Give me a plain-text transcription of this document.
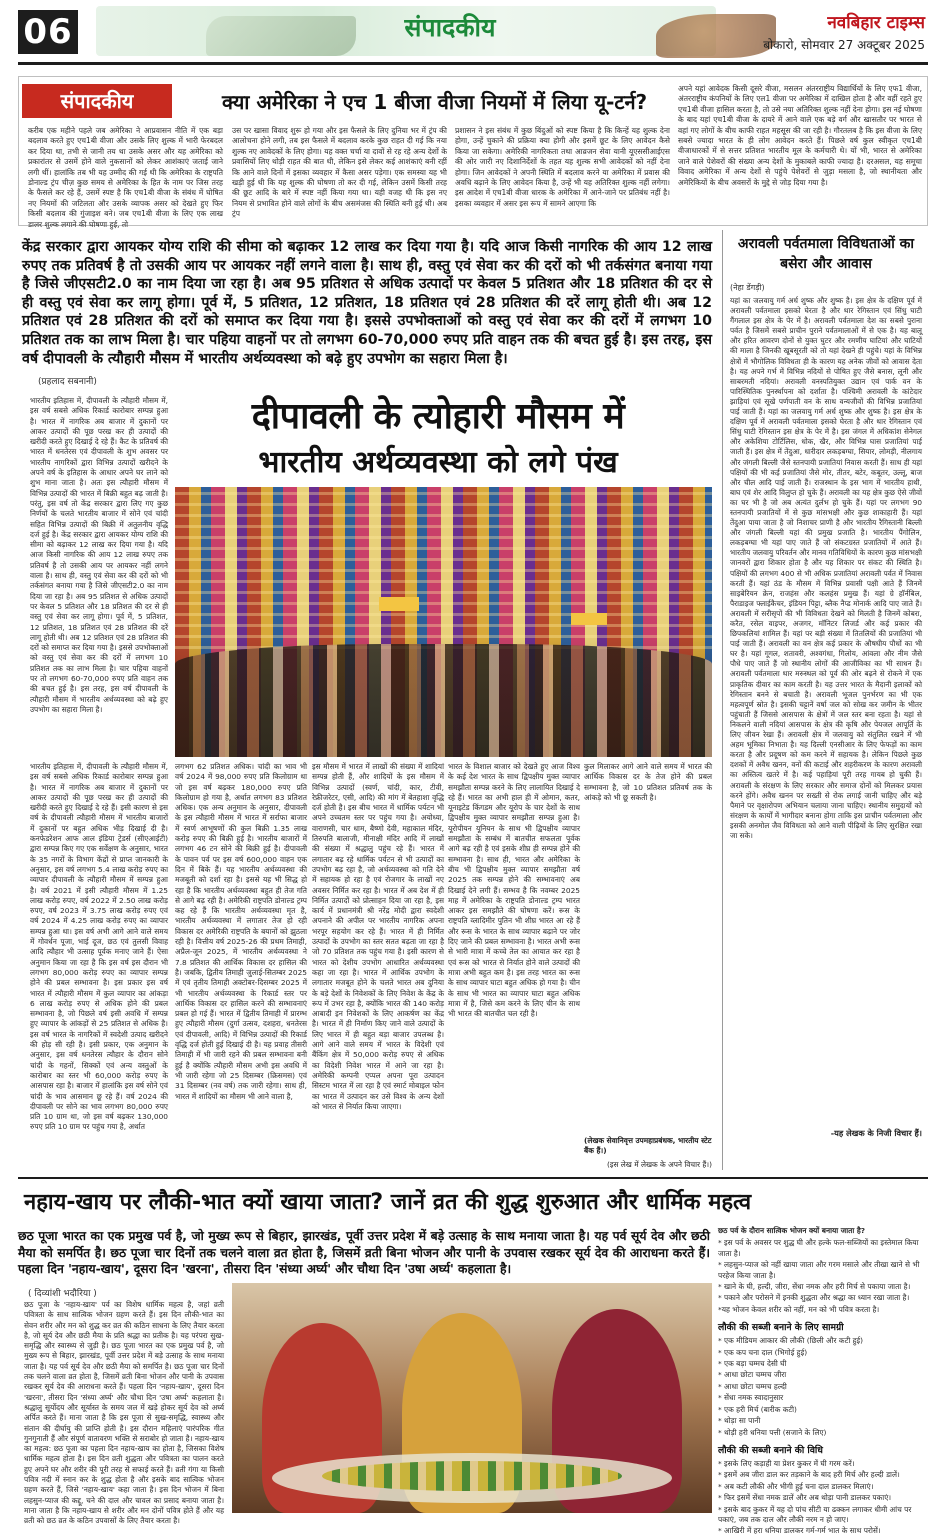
06	संपादकीय	नवबिहार टाइम्स
बोकारो, सोमवार 27 अक्टूबर 2025
संपादकीय	क्या अमेरिका ने एच 1 बीजा वीजा नियमों में लिया यू-टर्न?
करीब एक महीने पहले जब अमेरिका ने आप्रवासन नीति में एक बड़ा बदलाव करते हुए एच1बी वीजा और उसके लिए शुल्क में भारी फेरबदल कर दिया था, तभी से जानी तय था उसके असर और यह अमेरिका को प्रकारांतर से उसमें होने वाले नुकसानों को लेकर आशंकाएं जताई जाने लगी थीं। हालांकि तब भी यह उम्मीद की गई थी कि अमेरिका के राष्ट्रपति डोनाल्ड ट्रंप चीज़ कुछ समय से अमेरिका के हित के नाम पर जिस तरह के फैसले कर रहे हैं, उसमें स्पष्ट है कि एच1बी वीजा के संबंध में घोषित नए नियमों की जटिलता और उसके व्यापक असर को देखते हुए फिर किसी बदलाव की गुंजाइश बने। जब एच1बी वीजा के लिए एक लाख डालर शुल्क लगाने की घोषणा हुई, तो
उस पर खासा विवाद शुरू हो गया और इस फैसले के लिए दुनिया भर में ट्रंप की आलोचना होने लगी, तब इस फैसले में बदलाव करके कुछ राहत दी गई कि नया शुल्क नए आवेदकों के लिए होगा। यह वक्त चर्चा या दावों से रह रहे अन्य देशों के प्रवासियों लिए थोड़ी राहत की बात थी, लेकिन इसे लेकर कई आशंकाएं बनी रहीं कि आने वाले दिनों में इसका व्यवहार में कैसा असर पड़ेगा। एक समस्या यह भी खड़ी हुई थी कि यह शुल्क की घोषणा तो कर दी गई, लेकिन उसमें किसी तरह की छूट आदि के बारे में स्पष्ट नहीं किया गया था। यही वजह थी कि इस नए नियम से प्रभावित होने वाले लोगों के बीच असमंजस की स्थिति बनी हुई थी। अब ट्रंप
प्रशासन ने इस संबंध में कुछ बिंदुओं को स्पष्ट किया है कि किन्हें यह शुल्क देना होगा, उन्हें चुकाने की प्रक्रिया क्या होगी और इसमें छूट के लिए आवेदन कैसे किया जा सकेगा। अमेरिकी नागरिकता तथा आव्रजन सेवा यानी यूएससीआईएस की ओर जारी नए दिशानिर्देशों के तहत यह शुल्क सभी आवेदकों को नहीं देना होगा। जिन आवेदकों ने अपनी स्थिति में बदलाव करने या अमेरिका में प्रवास की अवधि बढ़ाने के लिए आवेदन किया है, उन्हें भी यह अतिरिक्त शुल्क नहीं लगेगा। इस आदेश में एच1बी वीजा धारक के अमेरिका में आने-जाने पर प्रतिबंध नहीं है। इसका व्यवहार में असर इस रूप में सामने आएगा कि
अपने यहां आवेदक किसी दूसरे वीजा, मसलन अंतरराष्ट्रीय विद्यार्थियों के लिए एफ1 वीजा, अंतरराष्ट्रीय कंपनियों के लिए एल1 वीजा पर अमेरिका में दाखिल होता है और वहीं रहते हुए एच1बी वीजा हासिल करता है, तो उसे नया अतिरिक्त शुल्क नहीं देना होगा। इस नई घोषणा के बाद यहां एच1बी वीजा के दायरे में आने वाले एक बड़े वर्ग और खासतौर पर भारत से वहां गए लोगों के बीच काफी राहत महसूस की जा रही है। गौरतलब है कि इस वीजा के लिए सबसे ज्यादा भारत के ही लोग आवेदन करते हैं। पिछले वर्ष कुल स्वीकृत एच1बी वीजाधारकों में से सत्तर प्रतिशत भारतीय मूल के कर्मचारी थे। यों भी, भारत से अमेरिका जाने वाले पेशेवरों की संख्या अन्य देशों के मुकाबले काफी ज्यादा है। दरअसल, यह समूचा विवाद अमेरिका में अन्य देशों से पहुंचे पेशेवरों से जुड़ा मसला है, जो स्थानीयता और अमेरिकियों के बीच अवसरों के मुद्दे से जोड़ दिया गया है।
केंद्र सरकार द्वारा आयकर योग्य राशि की सीमा को बढ़ाकर 12 लाख कर दिया गया है। यदि आज किसी नागरिक की आय 12 लाख रुपए तक प्रतिवर्ष है तो उसकी आय पर आयकर नहीं लगने वाला है। साथ ही, वस्तु एवं सेवा कर की दरों को भी तर्कसंगत बनाया गया है जिसे जीएसटी2.0 का नाम दिया जा रहा है। अब 95 प्रतिशत से अधिक उत्पादों पर केवल 5 प्रतिशत और 18 प्रतिशत की दर से ही वस्तु एवं सेवा कर लागू होगा। पूर्व में, 5 प्रतिशत, 12 प्रतिशत, 18 प्रतिशत एवं 28 प्रतिशत की दरें लागू होती थी। अब 12 प्रतिशत एवं 28 प्रतिशत की दरों को समाप्त कर दिया गया है। इससे उपभोक्ताओं को वस्तु एवं सेवा कर की दरों में लगभग 10 प्रतिशत तक का लाभ मिला है। चार पहिया वाहनों पर तो लगभग 60-70,000 रुपए प्रति वाहन तक की बचत हुई है। इस तरह, इस वर्ष दीपावली के त्यौहारी मौसम में भारतीय अर्थव्यवस्था को बढ़े हुए उपभोग का सहारा मिला है।
(प्रहलाद सबनानी)
दीपावली के त्योहारी मौसम में
भारतीय अर्थव्यवस्था को लगे पंख
भारतीय इतिहास में, दीपावली के त्यौहारी मौसम में, इस वर्ष सबसे अधिक रिकार्ड कारोबार सम्पन्न हुआ है। भारत में नागरिक अब बाजार में दुकानों पर आकर उत्पादों की पूछ परख कर ही उत्पादों की खरीदी करते हुए दिखाई दे रहे हैं। कैट के प्रतिवर्ष की भारत में धनतेरस एवं दीपावली के शुभ अवसर पर भारतीय नागरिकों द्वारा विभिन्न उत्पादों खरीदने के अपने वर्ष के इतिहास के आधार अपने घर लाने को शुभ माना जाता है। अतः इस त्यौहारी मौसम में विभिन्न उत्पादों की भारत में बिक्री बहुत बढ़ जाती है। परंतु, इस वर्ष तो केंद्र सरकार द्वारा लिए गए कुछ निर्णयों के चलते भारतीय बाजार में सोने एवं चांदी सहित विभिन्न उत्पादों की बिक्री में अतुलनीय वृद्धि दर्ज हुई है। केंद्र सरकार द्वारा आयकर योग्य राशि की सीमा को बढ़ाकर 12 लाख कर दिया गया है। यदि आज किसी नागरिक की आय 12 लाख रुपए तक प्रतिवर्ष है तो उसकी आय पर आयकर नहीं लगने वाला है। साथ ही, वस्तु एवं सेवा कर की दरों को भी तर्कसंगत बनाया गया है जिसे जीएसटी2.0 का नाम दिया जा रहा है। अब 95 प्रतिशत से अधिक उत्पादों पर केवल 5 प्रतिशत और 18 प्रतिशत की दर से ही वस्तु एवं सेवा कर लागू होगा। पूर्व में, 5 प्रतिशत, 12 प्रतिशत, 18 प्रतिशत एवं 28 प्रतिशत की दरें लागू होती थी। अब 12 प्रतिशत एवं 28 प्रतिशत की दरों को समाप्त कर दिया गया है। इससे उपभोक्ताओं को वस्तु एवं सेवा कर की दरों में लगभग 10 प्रतिशत तक का लाभ मिला है। चार पहिया वाहनों पर तो लगभग 60-70,000 रुपए प्रति वाहन तक की बचत हुई है। इस तरह, इस वर्ष दीपावली के त्यौहारी मौसम में भारतीय अर्थव्यवस्था को बढ़े हुए उपभोग का सहारा मिला है।
भारतीय इतिहास में, दीपावली के त्यौहारी मौसम में, इस वर्ष सबसे अधिक रिकार्ड कारोबार सम्पन्न हुआ है। भारत में नागरिक अब बाजार में दुकानों पर आकर उत्पादों की पूछ परख कर ही उत्पादों की खरीदी करते हुए दिखाई दे रहे हैं। इसी कारण से इस वर्ष के दीपावली त्यौहारी मौसम में भारतीय बाजारों में दुकानों पर बहुत अधिक भीड़ दिखाई दी है। कनफेडरेशन आफ आल इंडिया ट्रेडर्स (सीएआईटी) द्वारा सम्पन्न किए गए एक सर्वेक्षण के अनुसार, भारत के 35 नगरों के विभाग केंद्रों से प्राप्त जानकारी के अनुसार, इस वर्ष लगभग 5.4 लाख करोड़ रुपए का व्यापार दीपावली के त्यौहारी मौसम में सम्पन्न हुआ है। वर्ष 2021 में इसी त्यौहारी मौसम में 1.25 लाख करोड़ रुपए, वर्ष 2022 में 2.50 लाख करोड़ रुपए, वर्ष 2023 में 3.75 लाख करोड़ रुपए एवं वर्ष 2024 में 4.25 लाख करोड़ रुपए का व्यापार सम्पन्न हुआ था। इस वर्ष अभी आगे आने वाले समय में गोवर्धन पूजा, भाई दूज, छठ एवं तुलसी विवाह आदि त्यौहार भी उत्साह पूर्वक मनाए जाने हैं। ऐसा अनुमान किया जा रहा है कि इस वर्ष इस दौरान भी लगभग 80,000 करोड़ रुपए का व्यापार सम्पन्न होने की प्रबल सम्भावना है। इस प्रकार इस वर्ष भारत में त्यौहारी मौसम में कुल व्यापार का आंकड़ा 6 लाख करोड़ रुपए से अधिक होने की प्रबल सम्भावना है, जो पिछले वर्ष इसी अवधि में सम्पन्न हुए व्यापार के आंकड़ों से 25 प्रतिशत से अधिक है। इस वर्ष भारत के नागरिकों में स्वदेशी उत्पाद खरीदने की होड़ सी रही है। इसी प्रकार, एक अनुमान के अनुसार, इस वर्ष धनतेरस त्यौहार के दौरान सोने चांदी के गहनों, सिक्कों एवं अन्य वस्तुओं के कारोबार का स्तर भी 60,000 करोड़ रुपए के आसपास रहा है। बाजार में हालांकि इस वर्ष सोने एवं चांदी के भाव आसमान छू रहे हैं। वर्ष 2024 की दीपावली पर सोने का भाव लगभग 80,000 रुपए प्रति 10 ग्राम था, जो इस वर्ष बढ़कर 130,000 रुपए प्रति 10 ग्राम पर पहुंच गया है, अर्थात
लगभग 62 प्रतिशत अधिक। चांदी का भाव भी वर्ष 2024 में 98,000 रुपए प्रति किलोग्राम था जो इस वर्ष बढ़कर 180,000 रुपए प्रति किलोग्राम हो गया है, अर्थात लगभग 83 प्रतिशत अधिक। एक अन्य अनुमान के अनुसार, दीपावली के इस त्यौहारी मौसम में भारत में सर्राफा बाजार में स्वर्ण आभूषणों की कुल बिक्री 1.35 लाख करोड़ रुपए की बिक्री हुई है। भारतीय बाजारों में लगभग 46 टन सोने की बिक्री हुई है। दीपावली के पावन पर्व पर इस वर्ष 600,000 वाहन एक दिन में बिके हैं। यह भारतीय अर्थव्यवस्था की मजबूती को दर्शा रहा है। इससे यह भी सिद्ध हो रहा है कि भारतीय अर्थव्यवस्था बहुत ही तेज गति से आगे बढ़ रही है। अमेरिकी राष्ट्रपति डोनाल्ड ट्रम्प कह रहे हैं कि भारतीय अर्थव्यवस्था मृत है, भारतीय अर्थव्यवस्था में लगातार तेज हो रही विकास दर अमेरिकी राष्ट्रपति के बयानों को झुठला रही है। वित्तीय वर्ष 2025-26 की प्रथम तिमाही, अप्रैल-जून 2025, में भारतीय अर्थव्यवस्था ने 7.8 प्रतिशत की आर्थिक विकास दर हासिल की है। जबकि, द्वितीय तिमाही जुलाई-सितम्बर 2025 में एवं तृतीय तिमाही अक्टोबर-दिसम्बर 2025 में भी भारतीय अर्थव्यवस्था के रिकार्ड स्तर पर आर्थिक विकास दर हासिल करने की सम्भावनाएं प्रबल हो गई हैं। भारत में द्वितीय तिमाही में प्रारम्भ हुए त्यौहारी मौसम (दुर्गा उत्सव, दशहरा, धनतेरस एवं दीपावली, आदि) में विभिन्न उत्पादों की रिकार्ड वृद्धि दर्ज होती हुई दिखाई दी है। यह प्रवाह तीसरी तिमाही में भी जारी रहने की प्रबल सम्भावना बनी हुई है क्योंकि त्यौहारी मौसम अभी इस अवधि में भी जारी रहेगा जो 25 दिसम्बर (क्रिसमस) एवं 31 दिसम्बर (नव वर्ष) तक जारी रहेगा। साथ ही, भारत में शादियों का मौसम भी आने वाला है,
इस मौसम में भारत में लाखों की संख्या में शादियां सम्पन्न होती हैं, और शादियों के इस मौसम में विभिन्न उत्पादों (स्वर्ण, चांदी, कार, टीवी, रेफ्रीजरेटर, एसी, आदि) की मांग में बेतहाशा वृद्धि दर्ज होती है। इस बीच भारत में धार्मिक पर्यटन भी अपने उच्चतम स्तर पर पहुंच गया है। अयोध्या, वाराणसी, चार धाम, बैष्णो देवी, महाकाल मंदिर, तिरुपति बालाजी, मीनाक्षी मंदिर आदि में लाखों की संख्या में श्रद्धालु पहुंच रहे हैं। भारत में लगातार बढ़ रहे धार्मिक पर्यटन से भी उत्पादों का उपभोग बढ़ रहा है, जो अर्थव्यवस्था को गति देने में सहायक हो रहा है एवं रोजगार के लाखों नए अवसर निर्मित कर रहा है। भारत में अब देश में ही निर्मित उत्पादों को प्रोत्साहन दिया जा रहा है, इस कार्य में प्रधानमंत्री श्री नरेंद्र मोदी द्वारा स्वदेशी अपनाने की अपील पर भारतीय नागरिक अपना भरपूर सहयोग कर रहे हैं। भारत में ही निर्मित उत्पादों के उपभोग का स्तर सतत बढ़ता जा रहा है जो 70 प्रतिशत तक पहुंच गया है। इसी कारण से भारत को देशीय उपभोग आधारित अर्थव्यवस्था कहा जा रहा है। भारत में आर्थिक उपभोग के लगातार मजबूत होने के चलते भारत अब दुनिया के बड़े देशों के निवेशकों के लिए निवेश के केंद्र के रूप में उभर रहा है, क्योंकि भारत की 140 करोड़ आबादी इन निवेशकों के लिए आकर्षण का केंद्र है। भारत में ही निर्माण किए जाने वाले उत्पादों के लिए भारत में ही बहुत बड़ा बाजार उपलब्ध है। आगे आने वाले समय में भारत के विदेशी एवं बैंकिंग क्षेत्र में 50,000 करोड़ रुपए से अधिक का विदेशी निवेश भारत में आने जा रहा है। अमेरिकी कम्पनी एप्पल अपना पूरा उत्पादन सिस्टम भारत में ला रहा है एवं स्मार्ट मोबाइल फोन का भारत में उत्पादन कर उसे विश्व के अन्य देशों को भारत से निर्यात किया जाएगा।
भारत के विशाल बाजार को देखते हुए आज विश्व के कई देश भारत के साथ द्विपक्षीय मुक्त व्यापार समझौता सम्पन्न करने के लिए लालायित दिखाई दे रहे हैं। भारत का अभी हाल ही में ओमान, कतर, यूनाइटेड किंगडम और यूरोप के चार देशों के साथ द्विपक्षीय मुक्त व्यापार समझौता सम्पन्न हुआ है। यूरोपीयन यूनियन के साथ भी द्विपक्षीय व्यापार समझौता के सम्बंध में बातचीत सफलता पूर्वक आगे बढ़ रही है एवं इसके शीघ्र ही सम्पन्न होने की सम्भावना है। साथ ही, भारत और अमेरिका के बीच भी द्विपक्षीय मुक्त व्यापार समझौता वर्ष 2025 तक सम्पन्न होने की सम्भावनाएं अब दिखाई देने लगी हैं। सम्भव है कि नवम्बर 2025 माह में अमेरिका के राष्ट्रपति डोनाल्ड ट्रम्प भारत आकर इस समझौते की घोषणा करें। रूस के राष्ट्रपति व्लादिमीर पुतिन भी शीघ्र भारत आ रहे हैं और रूस के भारत के साथ व्यापार बढ़ाने पर जोर दिए जाने की प्रबल सम्भावना है। भारत अभी रूस से भारी मात्रा में कच्चे तेल का आयात कर रहा है एवं रूस को भारत से निर्यात होने वाले उत्पादों की मात्रा अभी बहुत कम है। इस तरह भारत का रूस के साथ व्यापार घाटा बहुत अधिक हो गया है। चीन के साथ भी भारत का व्यापार घाटा बहुत अधिक मात्रा में है, जिसे कम करने के लिए चीन के साथ भी भारत की बातचीत चल रही है।
कुल मिलाकर आगे आने वाले समय में भारत की आर्थिक विकास दर के तेज होने की प्रबल सम्भावना है, जो 10 प्रतिशत प्रतिवर्ष तक के आंकड़े को भी छू सकती है।
(लेखक सेवानिवृत्त उपमहाप्रबंधक, भारतीय स्टेट बैंक हैं।)
(इस लेख में लेखक के अपने विचार हैं।)
अरावली पर्वतमाला विविधताओं का बसेरा और आवास
(नेहा डेंगड़ी)
यहां का जलवायु गर्म अर्ध शुष्क और शुष्क है। इस क्षेत्र के दक्षिण पूर्व में अरावली पर्वतमाला इसको घेरता है और थार रेगिस्तान एवं सिंधु घाटी गैंगलाल इस क्षेत्र के पेर में है। अरावली पर्वतमाला देश का सबसे पुराना पर्वत है जिसमें सबसे प्राचीन पुराने पर्वतमालाओं में से एक है। यह बालू और हरित आवरण दोनों से युक्त घुटर और रमणीय घाटियां और घाटियों की माला है जिनकी खूबसूरती को तो यहां देखने ही पहुंचे। यहां के विभिन्न क्षेत्रों में भौगोलिक विविधता ही के कारण यह अनेक जीवों को आवास देता है। यह अपने गर्भ में विभिन्न नदियों से पोषित हुए जैसे बनास, लूनी और साबरमती नदियां। अरावली वनस्पतियुक्त उद्यान एवं पार्क वन के पारिस्थितिक पुनर्स्थापना को दर्शाता है। पश्चिमी अरावली के कांटेदार झाड़ियां एवं सूखे पर्णपाती वन के साथ वन्यजीवों की विभिन्न प्रजातियां पाई जाती हैं। यहां का जलवायु गर्म अर्ध शुष्क और शुष्क है। इस क्षेत्र के दक्षिण पूर्व में अरावली पर्वतमाला इसको घेरता है और थार रेगिस्तान एवं सिंधु घाटी रेगिस्तान इस क्षेत्र के पेर में है। इस जंगल में अधिकांश सेनेगल और अकेशिया टोर्टिलिस, धोक, खैर, और विभिन्न घास प्रजातियां पाई जाती हैं। इस क्षेत्र में तेंदुआ, धारीदार लकड़बग्घा, सियार, लोमड़ी, नीलगाय और जंगली बिल्ली जैसे स्तनपायी प्रजातियां निवास करती हैं। साथ ही यहां पक्षियों की भी कई प्रजातियां जैसे मोर, तीतर, बटेर, कबूतर, उल्लू, बाज और चील आदि पाई जाती हैं। राजस्थान के इस भाग में भारतीय हाथी, बाघ एवं शेर आदि विलुप्त हो चुके हैं। अरावली का यह क्षेत्र कुछ ऐसे जीवों का घर भी है जो अब अत्यंत दुर्लभ हो चुके हैं। यहां पर लगभग 90 स्तनपायी प्रजातियों में से कुछ मांसभक्षी और कुछ शाकाहारी हैं। यहां तेंदुआ पाया जाता है जो निशाचर प्राणी है और भारतीय रैगिस्तानी बिल्ली और जंगली बिल्ली यहां की प्रमुख प्रजाति है। भारतीय पैंगोलिन, लकड़बग्घा भी यहां पाए जाते हैं जो संकटग्रस्त प्रजातियों में आते हैं। भारतीय जलवायु परिवर्तन और मानव गतिविधियों के कारण कुछ मांसभक्षी जानवरों द्वारा शिकार होता है और यह शिकार पर संकट की स्थिति है। पक्षियों की लगभग 400 से भी अधिक प्रजातियां अरावली पर्वत में निवास करती हैं। यहां ठंड के मौसम में विभिन्न प्रवासी पक्षी आते हैं जिनमें साइबेरियन क्रेन, राजहंस और कलहंस प्रमुख हैं। यहां ग्रे हॉर्नबिल, पैराडाइज फ्लाईकैचर, इंडियन पिट्टा, ब्लैक नैप्ड मोनार्क आदि पाए जाते हैं। अरावली में सरीसृपों की भी विविधता देखने को मिलती है जिनमें कोबरा, करैत, रसेल वाइपर, अजगर, मॉनिटर लिजर्ड और कई प्रकार की छिपकलियां शामिल हैं। यहां पर बड़ी संख्या में तितलियों की प्रजातियां भी पाई जाती हैं। अरावली का वन क्षेत्र कई प्रकार के औषधीय पौधों का भी घर है। यहां गूगल, शतावरी, अश्वगंधा, गिलोय, आंवला और नीम जैसे पौधे पाए जाते हैं जो स्थानीय लोगों की आजीविका का भी साधन हैं। अरावली पर्वतमाला थार मरुस्थल को पूर्व की ओर बढ़ने से रोकने में एक प्राकृतिक दीवार का काम करती है। यह उत्तर भारत के मैदानी इलाकों को रेगिस्तान बनने से बचाती है। अरावली भूजल पुनर्भरण का भी एक महत्वपूर्ण स्रोत है। इसकी चट्टानें वर्षा जल को सोख कर जमीन के भीतर पहुंचाती हैं जिससे आसपास के क्षेत्रों में जल स्तर बना रहता है। यहां से निकलने वाली नदियां आसपास के क्षेत्र की कृषि और पेयजल आपूर्ति के लिए जीवन रेखा हैं। अरावली क्षेत्र में जलवायु को संतुलित रखने में भी अहम भूमिका निभाता है। यह दिल्ली एनसीआर के लिए फेफड़ों का काम करता है और प्रदूषण को कम करने में सहायक है। लेकिन पिछले कुछ दशकों में अवैध खनन, वनों की कटाई और शहरीकरण के कारण अरावली का अस्तित्व खतरे में है। कई पहाड़ियां पूरी तरह गायब हो चुकी हैं। अरावली के संरक्षण के लिए सरकार और समाज दोनों को मिलकर प्रयास करने होंगे। अवैध खनन पर सख्ती से रोक लगाई जानी चाहिए और बड़े पैमाने पर वृक्षारोपण अभियान चलाया जाना चाहिए। स्थानीय समुदायों को संरक्षण के कार्यों में भागीदार बनाना होगा ताकि इस प्राचीन पर्वतमाला और इसकी अनमोल जैव विविधता को आने वाली पीढ़ियों के लिए सुरक्षित रखा जा सके।
-यह लेखक के निजी विचार हैं।
नहाय-खाय पर लौकी-भात क्यों खाया जाता? जानें व्रत की शुद्ध शुरुआत और धार्मिक महत्व
छठ पूजा भारत का एक प्रमुख पर्व है, जो मुख्य रूप से बिहार, झारखंड, पूर्वी उत्तर प्रदेश में बड़े उत्साह के साथ मनाया जाता है। यह पर्व सूर्य देव और छठी मैया को समर्पित है। छठ पूजा चार दिनों तक चलने वाला व्रत होता है, जिसमें व्रती बिना भोजन और पानी के उपवास रखकर सूर्य देव की आराधना करते हैं। पहला दिन 'नहाय-खाय', दूसरा दिन 'खरना', तीसरा दिन 'संध्या अर्घ्य' और चौथा दिन 'उषा अर्घ्य' कहलाता है।
( दिव्यांशी भदौरिया )
छठ पूजा के 'नहाय-खाय' पर्व का विशेष धार्मिक महत्व है, जहां व्रती पवित्रता के साथ सात्विक भोजन ग्रहण करते हैं। इस दिन लौकी-भात का सेवन शरीर और मन को शुद्ध कर व्रत की कठिन साधना के लिए तैयार करता है, जो सूर्य देव और छठी मैया के प्रति श्रद्धा का प्रतीक है। यह परंपरा सुख-समृद्धि और स्वास्थ्य से जुड़ी है। छठ पूजा भारत का एक प्रमुख पर्व है, जो मुख्य रूप से बिहार, झारखंड, पूर्वी उत्तर प्रदेश में बड़े उत्साह के साथ मनाया जाता है। यह पर्व सूर्य देव और छठी मैया को समर्पित है। छठ पूजा चार दिनों तक चलने वाला व्रत होता है, जिसमें व्रती बिना भोजन और पानी के उपवास रखकर सूर्य देव की आराधना करते हैं। पहला दिन 'नहाय-खाय', दूसरा दिन 'खरना', तीसरा दिन 'संध्या अर्घ्य' और चौथा दिन 'उषा अर्घ्य' कहलाता है। श्रद्धालु सूर्योदय और सूर्यास्त के समय जल में खड़े होकर सूर्य देव को अर्घ्य अर्पित करते हैं। माना जाता है कि इस पूजा से सुख-समृद्धि, स्वास्थ्य और संतान की दीर्घायु की प्राप्ति होती है। इस दौरान महिलाएं पारंपरिक गीत गुनगुनाती हैं और संपूर्ण वातावरण भक्ति से सराबोर हो जाता है। नहाय-खाय का महत्व: छठ पूजा का पहला दिन नहाय-खाय का होता है, जिसका विशेष धार्मिक महत्व होता है। इस दिन व्रती शुद्धता और पवित्रता का पालन करते हुए अपने घर और शरीर की पूरी तरह से सफाई करते हैं। व्रती गंगा या किसी पवित्र नदी में स्नान कर के शुद्ध होता है और इसके बाद सात्विक भोजन ग्रहण करते हैं, जिसे 'नहाय-खाय' कहा जाता है। इस दिन भोजन में बिना लहसुन-प्याज की कद्दू, चने की दाल और चावल का प्रसाद बनाया जाता है। माना जाता है कि नहाय-खाय से शरीर और मन दोनों पवित्र होते हैं और यह व्रती को छठ व्रत के कठिन उपवासों के लिए तैयार करता है।
छठ पर्व के दौरान सात्विक भोजन क्यों बनाया जाता है?
* इस पर्व के अवसर पर शुद्ध घी और हल्के फल-सब्जियों का इस्तेमाल किया जाता है।
* लहसुन-प्याज को नहीं खाया जाता और गरम मसाले और तीखा खाने से भी परहेज किया जाता है।
* खाने के घी, हल्दी, जीरा, सेंधा नमक और हरी मिर्च से पकाया जाता है।
* पकाने और परोसने में इनकी शुद्धता और श्रद्धा का ध्यान रखा जाता है।
*यह भोजन केवल शरीर को नहीं, मन को भी पवित्र करता है।
लौकी की सब्जी बनाने के लिए सामग्री
* एक मीडियम आकार की लौकी (छिली और कटी हुई)
* एक कप चना दाल (भिगोई हुई)
* एक बड़ा चम्मच देसी घी
* आधा छोटा चम्मच जीरा
* आधा छोटा चम्मच हल्दी
* सेंधा नमक स्वादानुसार
* एक हरी मिर्च (बारीक कटी)
* थोड़ा सा पानी
* थोड़ी हरी धनिया पत्ती (सजाने के लिए)
लौकी की सब्जी बनाने की विधि
* इसके लिए कड़ाही या प्रेशर कुकर में घी गरम करें।
* इसमें अब जीरा डाल कर तड़काने के बाद हरी मिर्च और हल्दी डालें।
* अब कटी लौकी और भीगी हुई चना दाल डालकर मिलाएं।
* फिर इसमें सेंधा नमक डालें और अब थोड़ा पानी डालकर पकाएं।
* इसके बाद कुकर में यह दो पांच सीटी या ढक्कन लगाकर धीमी आंच पर पकाएं, जब तक दाल और लौकी नरम न हो जाए।
* आखिरी में हरा धनिया डालकर गर्म-गर्म भात के साथ परोसें।
